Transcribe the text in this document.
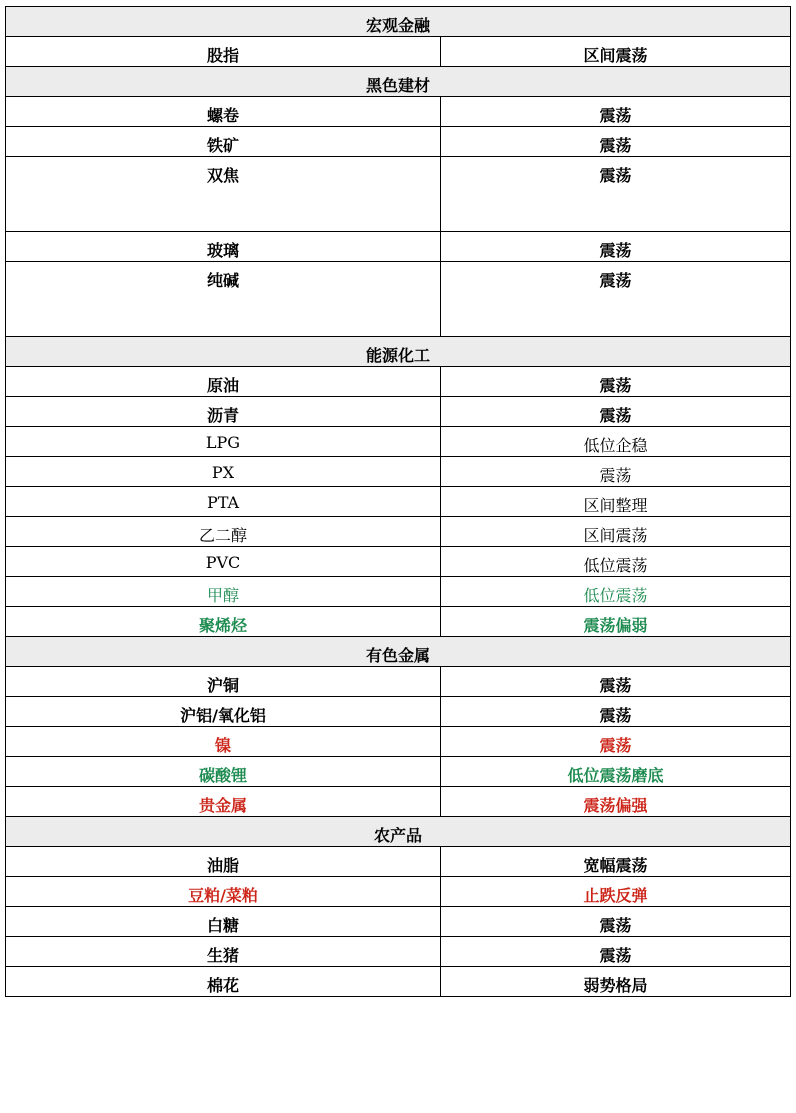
宏观金融	
股指	区间震荡
黑色建材	
螺卷	震荡
铁矿	震荡
双焦	震荡
玻璃	震荡
纯碱	震荡
能源化工	
原油	震荡
沥青	震荡
LPG	低位企稳
PX	震荡
PTA	区间整理
乙二醇	区间震荡
PVC	低位震荡
甲醇	低位震荡
聚烯烃	震荡偏弱
有色金属	
沪铜	震荡
沪铝/氧化铝	震荡
镍	震荡
碳酸锂	低位震荡磨底
贵金属	震荡偏强
农产品	
油脂	宽幅震荡
豆粕/菜粕	止跌反弹
白糖	震荡
生猪	震荡
棉花	弱势格局
